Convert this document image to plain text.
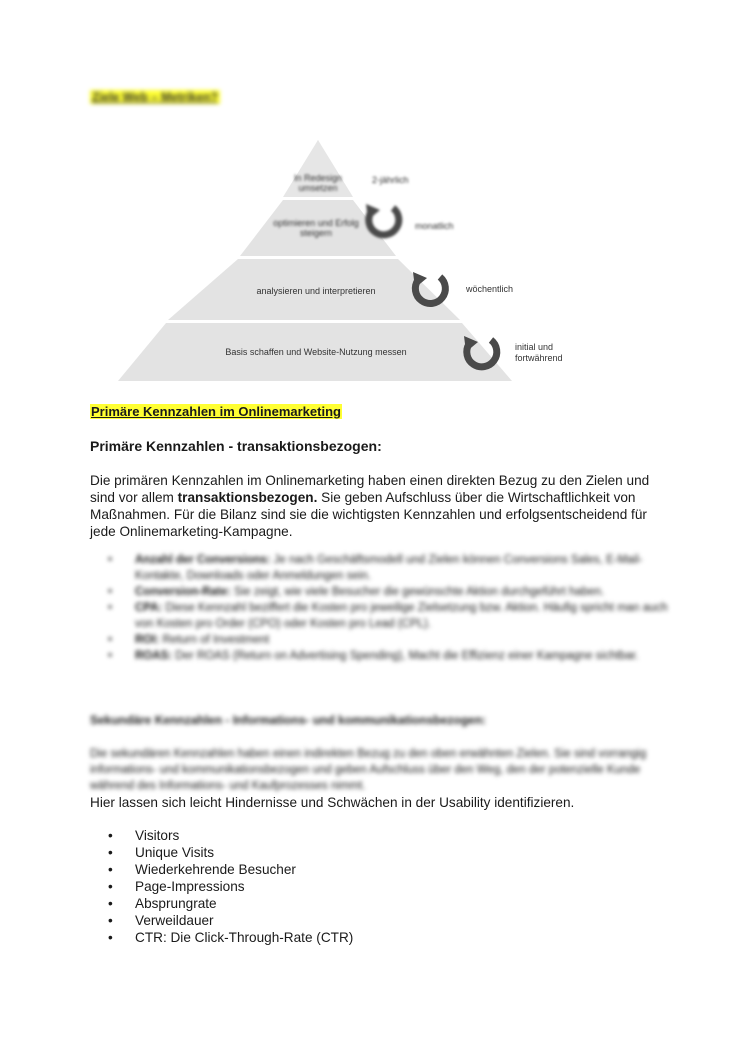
Ziele Web – Metriken?
In Redesign
umsetzen
2-jährlich
optimieren und Erfolg
steigern
monatlich
analysieren und interpretieren	wöchentlich
Basis schaffen und Website-Nutzung messen	initial und
fortwährend
Primäre Kennzahlen im Onlinemarketing
Primäre Kennzahlen - transaktionsbezogen:
Die primären Kennzahlen im Onlinemarketing haben einen direkten Bezug zu den Zielen und sind vor allem transaktionsbezogen. Sie geben Aufschluss über die Wirtschaftlichkeit von Maßnahmen. Für die Bilanz sind sie die wichtigsten Kennzahlen und erfolgsentscheidend für jede Onlinemarketing-Kampagne.
• Anzahl der Conversions: Je nach Geschäftsmodell und Zielen können Conversions Sales, E-Mail-Kontakte, Downloads oder Anmeldungen sein.
• Conversion-Rate: Sie zeigt, wie viele Besucher die gewünschte Aktion durchgeführt haben.
• CPA: Diese Kennzahl beziffert die Kosten pro jeweilige Zielsetzung bzw. Aktion. Häufig spricht man auch von Kosten pro Order (CPO) oder Kosten pro Lead (CPL).
• ROI: Return of Investment
• ROAS: Der ROAS (Return on Advertising Spending), Macht die Effizienz einer Kampagne sichtbar.
Sekundäre Kennzahlen - Informations- und kommunikationsbezogen:
Die sekundären Kennzahlen haben einen indirekten Bezug zu den oben erwähnten Zielen. Sie sind vorrangig informations- und kommunikationsbezogen und geben Aufschluss über den Weg, den der potenzielle Kunde während des Informations- und Kaufprozesses nimmt.
Hier lassen sich leicht Hindernisse und Schwächen in der Usability identifizieren.
• Visitors
• Unique Visits
• Wiederkehrende Besucher
• Page-Impressions
• Absprungrate
• Verweildauer
• CTR: Die Click-Through-Rate (CTR)
